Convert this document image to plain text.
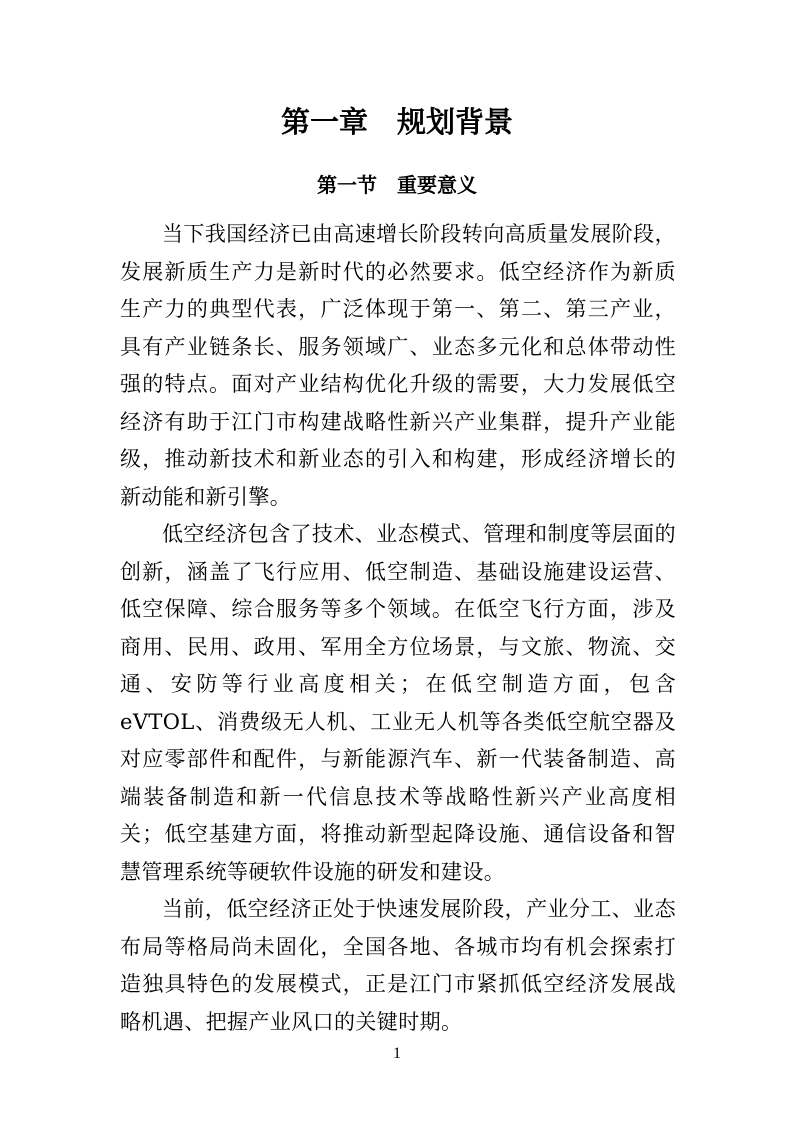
第一章　规划背景
第一节　重要意义

当下我国经济已由高速增长阶段转向高质量发展阶段，发展新质生产力是新时代的必然要求。低空经济作为新质生产力的典型代表，广泛体现于第一、第二、第三产业，具有产业链条长、服务领域广、业态多元化和总体带动性强的特点。面对产业结构优化升级的需要，大力发展低空经济有助于江门市构建战略性新兴产业集群，提升产业能级，推动新技术和新业态的引入和构建，形成经济增长的新动能和新引擎。

低空经济包含了技术、业态模式、管理和制度等层面的创新，涵盖了飞行应用、低空制造、基础设施建设运营、低空保障、综合服务等多个领域。在低空飞行方面，涉及商用、民用、政用、军用全方位场景，与文旅、物流、交通、安防等行业高度相关；在低空制造方面，包含eVTOL、消费级无人机、工业无人机等各类低空航空器及对应零部件和配件，与新能源汽车、新一代装备制造、高端装备制造和新一代信息技术等战略性新兴产业高度相关；低空基建方面，将推动新型起降设施、通信设备和智慧管理系统等硬软件设施的研发和建设。

当前，低空经济正处于快速发展阶段，产业分工、业态布局等格局尚未固化，全国各地、各城市均有机会探索打造独具特色的发展模式，正是江门市紧抓低空经济发展战略机遇、把握产业风口的关键时期。

1
